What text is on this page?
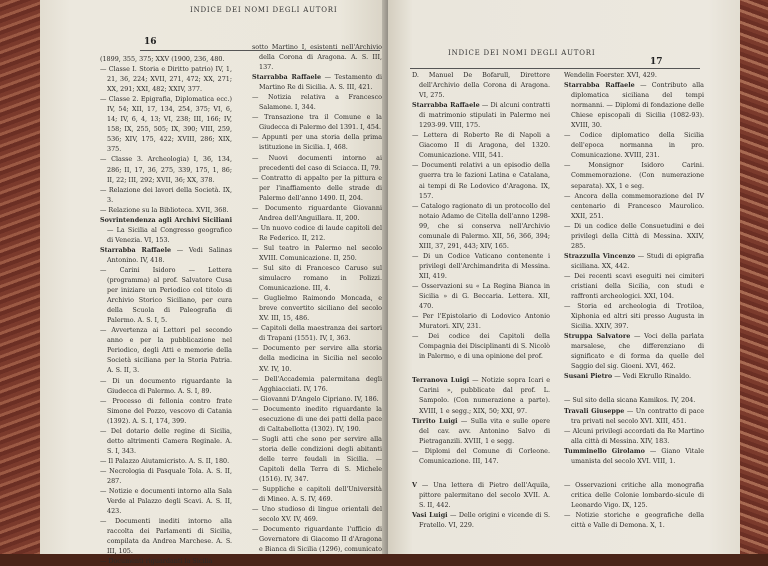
INDICE DEI NOMI DEGLI AUTORI
16

(1899, 355, 375; XXV (1900, 236, 480.

— Classe I. Storia e Diritto patrio) IV, 1, 21, 36, 224; XVII, 271, 472; XX, 271; XX, 291; XXI, 482; XXIV, 377.

— Classe 2. Epigrafia, Diplomatica ecc.) IV, 54; XII, 17, 134, 254, 375; VI, 6, 14; IV, 6, 4, 13; VI, 238; III, 166; IV, 158; IX, 255, 505; IX, 390; VIII, 259, 536; XIV, 175, 422; XVIII, 286; XIX, 375.

— Classe 3. Archeologia) I, 36, 134, 286; II, 17, 36, 275, 339, 175, 1, 86; II, 22; III, 292; XVII, 36; XX, 378.

— Relazione dei lavori della Società. IX, 3.

— Relazione su la Biblioteca. XVII, 368.

Sovrintendenza agli Archivi Siciliani — La Sicilia al Congresso geografico di Venezia. VI, 153.

Starrabba Raffaele — Vedi Salinas Antonino. IV, 418.

— Carini Isidoro — Lettera (programma) al prof. Salvatore Cusa per iniziare un Periodico col titolo di Archivio Storico Siciliano, per cura della Scuola di Paleografia di Palermo. A. S. I, 5.

— Avvertenza ai Lettori pel secondo anno e per la pubblicazione nel Periodico, degli Atti e memorie della Società siciliana per la Storia Patria. A. S. II, 3.

— Di un documento riguardante la Giudecca di Palermo. A. S. I, 89.

— Processo di fellonia contro frate Simone del Pozzo, vescovo di Catania (1392). A. S. I, 174, 399.

— Del dotario delle regine di Sicilia, detto altrimenti Camera Reginale. A. S. I, 343.

— Il Palazzo Aiutamicristo. A. S. II, 180.

— Necrologia di Pasquale Tola. A. S. II, 287.

— Notizie e documenti intorno alla Sala Verde al Palazzo degli Scavi. A. S. II, 423.

— Documenti inediti intorno alla raccolta dei Parlamenti di Sicilia, compilata da Andrea Marchese. A. S. III, 105.

— Documenti riguardanti la Sicilia

sotto Martino I, esistenti nell'Archivio della Corona di Aragona. A. S. III, 137.

Starrabba Raffaele — Testamento di Martino Re di Sicilia. A. S. III, 421.

— Notizia relativa a Francesco Salamone. I, 344.

— Transazione tra il Comune e la Giudecca di Palermo del 1391. I, 454.

— Appunti per una storia della prima istituzione in Sicilia. I, 468.

— Nuovi documenti intorno ai precedenti del caso di Sciacca. II, 79.

— Contratto di appalto per la pittura e per l'inaffiamento delle strade di Palermo dell'anno 1490. II, 204.

— Documento riguardante Giovanni Andrea dell'Anguillara. II, 200.

— Un nuovo codice di laude capitoli del Re Federico. II, 212.

— Sul teatro in Palermo nel secolo XVIII. Comunicazione. II, 250.

— Sul sito di Francesco Caruso sul simulacro romano in Polizzi. Comunicazione. III, 4.

— Guglielmo Raimondo Moncada, e breve convertito siciliano del secolo XV. III, 15, 486.

— Capitoli della maestranza dei sartori di Trapani (1551). IV, I, 363.

— Documento per servire alla storia della medicina in Sicilia nel secolo XV. IV, 10.

— Dell'Accademia palermitana degli Agghiacciati. IV, 176.

— Giovanni D'Angelo Cipriano. IV, 186.

— Documento inedito riguardante la esecuzione di une dei patti della pace di Caltabellotta (1302). IV, 190.

— Sugli atti che sono per servire alla storia delle condizioni degli abitanti delle terre feudali in Sicilia. — Capitoli della Terra di S. Michele (1516). IV, 347.

— Suppliche e capitoli dell'Università di Mineo. A. S. IV, 469.

— Uno studioso di lingue orientali del secolo XV. IV, 469.

— Documento riguardante l'ufficio di Governatore di Giacomo II d'Aragona e Bianca di Sicilia (1296), comunicato

INDICE DEI NOMI DEGLI AUTORI
17

D. Manuel De Bofarull, Direttore dell'Archivio della Corona di Aragona. VI, 275.

Starrabba Raffaele — Di alcuni contratti di matrimonio stipulati in Palermo nei 1293-99. VIII, 175.

— Lettera di Roberto Re di Napoli a Giacomo II di Aragona, del 1320. Comunicazione. VIII, 541.

— Documenti relativi a un episodio della guerra tra le fazioni Latina e Catalana, ai tempi di Re Lodovico d'Aragona. IX, 157.

— Catalogo ragionato di un protocollo del notaio Adamo de Citella dell'anno 1298-99, che si conserva nell'Archivio comunale di Palermo. XII, 56, 366, 394; XIII, 37, 291, 443; XIV, 165.

— Di un Codice Vaticano contenente i privilegi dell'Archimandrita di Messina. XII, 419.

— Osservazioni su « La Regina Bianca in Sicilia » di G. Beccaria. Lettera. XII, 470.

— Per l'Epistolario di Lodovico Antonio Muratori. XIV, 231.

— Dei codice dei Capitoli della Compagnia dei Disciplinanti di S. Nicolò in Palermo, e di una opinione del prof.

Terranova Luigi — Notizie sopra Icari e Carini », pubblicate dal prof. L. Sampolo. (Con numerazione a parte). XVIII, 1 e segg.; XIX, 50; XXI, 97.

Tirrito Luigi — Sulla vita e sulle opere del cav. avv. Antonino Salvo di Pietraganzili. XVIII, 1 e segg.

— Diplomi del Comune di Corleone. Comunicazione. III, 147.

V — Una lettera di Pietro dell'Aquila, pittore palermitano del secolo XVII. A. S. II, 442.

Vasi Luigi — Delle origini e vicende di S. Fratello. VI, 229.

Wendelin Foerster. XVI, 429.

Starrabba Raffaele — Contributo alla diplomatica siciliana del tempi normanni. — Diplomi di fondazione delle Chiese episcopali di Sicilia (1082-93). XVIII, 30.

— Codice diplomatico della Sicilia dell'epoca normanna in pro. Comunicazione. XVIII, 231.

— Monsignor Isidoro Carini. Commemorazione. (Con numerazione separata). XX, 1 e seg.

— Ancora della commemorazione del IV centenario di Francesco Maurolico. XXII, 251.

— Di un codice delle Consuetudini e dei privilegi della Città di Messina. XXIV, 285.

Strazzulla Vincenzo — Studi di epigrafia siciliana. XX, 442.

— Dei recenti scavi eseguiti nei cimiteri cristiani della Sicilia, con studi e raffronti archeologici. XXI, 104.

— Storia ed archeologia di Trotiloa, Xiphonia ed altri siti presso Augusta in Sicilia. XXIV, 397.

Struppa Salvatore — Voci della parlata marsalese, che differenziano di significato e di forma da quelle del Saggio del sig. Gioeni. XVI, 462.

Susani Pietro — Vedi Ekrullo Rinaldo.

— Sul sito della sicana Kamikos. IV, 204.

Travali Giuseppe — Un contratto di pace tra privati nel secolo XVI. XIII, 451.

— Alcuni privilegi accordati da Re Martino alla città di Messina. XIV, 183.

Tumminello Girolamo — Giano Vitale umanista del secolo XVI. VIII, 1.

— Osservazioni critiche alla monografia critica delle Colonie lombardo-sicule di Leonardo Vigo. IX, 125.

— Notizie storiche e geografiche della città e Valle di Demona. X, 1.
